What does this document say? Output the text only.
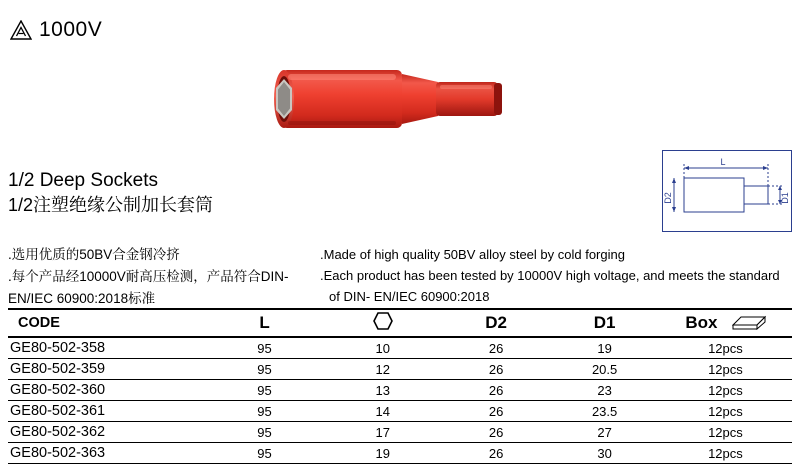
1000V
1/2 Deep Sockets
1/2注塑绝缘公制加长套筒
L
D2	D1
.选用优质的50BV合金钢冷挤
.每个产品经10000V耐高压检测，产品符合DIN-
EN/IEC 60900:2018标准
.Made of high quality 50BV alloy steel by cold forging
.Each product has been tested by 10000V high voltage, and meets the standard
of DIN- EN/IEC 60900:2018
CODE	L		D2	D1	Box

GE80-502-358	95	10	26	19	12pcs
GE80-502-359	95	12	26	20.5	12pcs
GE80-502-360	95	13	26	23	12pcs
GE80-502-361	95	14	26	23.5	12pcs
GE80-502-362	95	17	26	27	12pcs
GE80-502-363	95	19	26	30	12pcs
